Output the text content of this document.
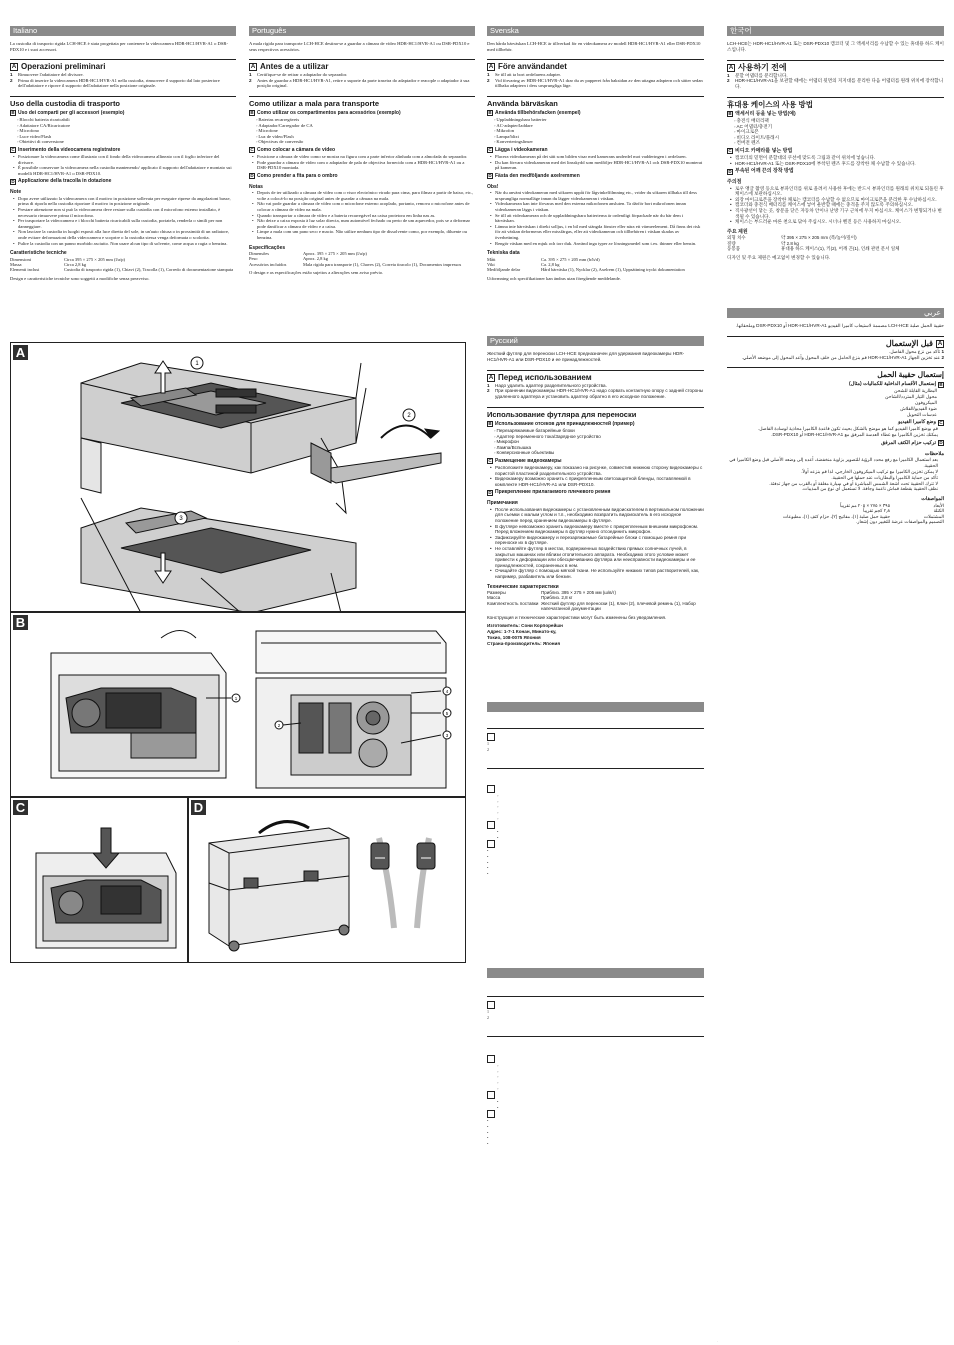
Italiano

La custodia di trasporto rigida LCH-HCE è stata progettata per contenere la videocamera HDR-HC1/HVR-A1 o DSR-PDX10 e i suoi accessori.

A Operazioni preliminari
1	Rimuovere l'adattatore del divisore.
2	Prima di inserire la videocamera HDR-HC1/HVR-A1 nella custodia, rimuovere il supporto dal lato posteriore dell'adattatore e riporre il supporto dell'adattatore nella posizione originale.
Uso della custodia di trasporto
B Uso dei comparti per gli accessori (esempio)
◦ Blocchi batteria ricaricabili
◦ Adattatore CA/Ricaricatore
◦ Microfono
◦ Luce video/Flash
◦ Obiettivi di conversione
C Inserimento della videocamera registratore
• Posizionare la videocamera come illustrato con il fondo della videocamera allineato con il foglio inferiore del divisore.
• È possibile conservare la videocamera nella custodia mantenendo/ applicato il supporto dell'adattatore e montato sui modelli HDR-HC1/HVR-A1 o DSR-PDX10.
D Applicazione della tracolla in dotazione
Note
• Dopo avere utilizzato la videocamera con il motivo in posizione sollevata per eseguire riprese da angolazioni basse, prima di riporla nella custodia riportare il motivo in posizione originale.
• Prestare attenzione non si può la videocamera deve restare sulla custodia con il microfono esterno installato, è necessario rimuovere prima il microfono.
• Per trasportare la videocamera e i blocchi batteria ricaricabili sulla custodia, portatela, renderla o simili per non danneggiare.
• Non lasciare la custodia in luoghi esposti alla luce diretta del sole, in un'auto chiusa o in prossimità di un radiatore, onde evitare deformazioni della videocamera e scoprire o la custodia stessa venga deformata o scolorita.
• Pulire la custodia con un panno morbido asciutto. Non usare alcun tipo di solvente, come acqua o ragia o benzina.
Caratteristiche tecniche
Dimensioni	Circa 395 × 275 × 205 mm (l/a/p)
Massa	Circa 2,8 kg
Elementi inclusi	Custodia di trasporto rigida (1), Chiavi (2), Tracolla (1), Corredo di documentazione stampata

Design e caratteristiche tecniche sono soggetti a modifiche senza preavviso.

Português

A mala rígida para transporte LCH-HCE destina-se a guardar a câmara de vídeo HDR-HC1/HVR-A1 ou DSR-PDX10 e seus respectivos acessórios.

A Antes de a utilizar
1	Certifique-se de retirar o adaptador do separador.
2	Antes de guardar a HDR-HC1/HVR-A1, retire o suporte da parte traseira do adaptador e reacople o adaptador à sua posição original.
Como utilizar a mala para transporte
B Como utilizar os compartimentos para acessórios (exemplo)
◦ Baterias recarregáveis
◦ Adaptador/Carregador de CA
◦ Microfone
◦ Luz de vídeo/Flash
◦ Objectivas de conversão
C Como colocar a câmara de vídeo
• Posicione a câmara de vídeo como se mostra na figura com a parte inferior alinhada com a almofada do separador.
• Pode guardar a câmara de vídeo com o adaptador de pala de objectiva fornecido com a HDR-HC1/HVR-A1 ou a DSR-PDX10 montada.
D Como prender a fita para o ombro
Notas
• Depois de ter utilizado a câmara de vídeo com o visor electrónico virado para cima, para filmar a partir de baixo, etc., volte a colocá-lo na posição original antes de guardar a câmara na mala.
• Não vai pode guardar a câmara de vídeo com o microfone externo acoplado, portanto, remova o microfone antes de colocar a câmara de vídeo na mala.
• Quando transportar a câmara de vídeo e a bateria recarregável na caixa protetora em linha nas as.
• Não deixe a caixa exposta à luz solar directa, num automóvel fechado ou perto de um aquecedor, pois se a deformar pode danificar a câmara de vídeo e a caixa.
• Limpe a mala com um pano seco e macio. Não utilize nenhum tipo de dissolvente como, por exemplo, diluente ou benzina.
Especificações
Dimensões	Aprox. 395 × 275 × 205 mm (l/a/p)
Peso	Aprox. 2,8 kg
Acessórios incluídos	Mala rígida para transporte (1), Chaves (2), Correia tiracolo (1), Documentos impressos

O design e as especificações estão sujeitos a alterações sem aviso prévio.

Svenska

Den hårda bärväskan LCH-HCE är tillverkad för en videokamera av modell HDR-HC1/HVR-A1 eller DSR-PDX10 med tillbehör.

A Före användandet
1	Se till att ta bort avdelarens adapter.
2	Vid förvaring av HDR-HC1/HVR-A1 drar du av papperet från baksidan av den uttagna adaptern och sätter sedan tillbaka adaptern i dess ursprungliga läge.
Använda bärväskan
B Använda tillbehörsfacken (exempel)
◦ Uppladdningsbara batterier
◦ AC-adapter/laddare
◦ Mikrofon
◦ Lampa/blixt
◦ Konverteringslinser
C Lägga i videokameran
• Placera videokameran på det sätt som bilden visar med kamerans underdel mot vadderingen i avdelaren.
• Du kan förvara videokameran med det linsskydd som medföljer HDR-HC1/HVR-A1 och DSR-PDX10 monterat på kameran.
D Fästa den medföljande axelremmen
Obs!
• När du använt videokameran med sökaren uppåt för lågvinkelfilmning etc., vrider du sökaren tillbaka till dess ursprungliga normalläge innan du lägger videokameran i väskan.
• Videokameran kan inte förvaras med den externa mikrofonen ansluten. Ta därför bort mikrofonen innan videokameran läggs i väskan.
• Se till att videokameran och de uppladdningsbara batterierna är ordentligt förpackade när du bär dem i bärväskan.
• Lämna inte bärväskan i direkt solljus, i en bil med stängda fönster eller nära ett värmeelement. Då finns det risk för att väskan deformeras eller missfärgas, eller att videokameran och tillbehören i väskan skadas av överhettning.
• Rengör väskan med en mjuk och torr duk. Använd inga typer av lösningsmedel som t.ex. thinner eller bensin.
Tekniska data
Mått	Ca. 395 × 275 × 205 mm (b/h/d)
Vikt	Ca. 2,8 kg
Medföljande delar	Hård bärväska (1), Nycklar (2), Axelrem (1), Uppsättning tryckt dokumentation

Utformning och specifikationer kan ändras utan föregående meddelande.

한국어

LCH-HCE는 HDR-HC1/HVR-A1 또는 DSR-PDX10 캠코더 및 그 액세서리를 수납할 수 있는 휴대용 하드 케이스입니다.

A 사용하기 전에
1	분할 어댑터를 분리합니다.
2	HDR-HC1/HVR-A1을 보관할 때에는 어댑터 뒷면의 지지대를 분리한 다음 어댑터를 원래 위치에 장착합니다.
휴대용 케이스의 사용 방법
B 액세서리 등을 넣는 방법(예)
◦ 충전식 배터리팩
◦ AC 어댑터/충전기
◦ 마이크로폰
◦ 비디오 라이트/플래시
◦ 컨버전 렌즈
C 비디오 카메라를 넣는 방법
• 캠코더의 밑면이 분할대의 쿠션에 맞도록 그림과 같이 위치에 넣습니다.
• HDR-HC1/HVR-A1 또는 DSR-PDX10에 부착된 렌즈 후드를 장착한 채 수납할 수 있습니다.
D 부속된 어깨 끈의 장착 방법
주의점
• 로우 앵글 촬영 등으로 뷰파인더를 위로 올려서 사용한 후에는 반드시 뷰파인더를 원래의 위치로 되돌린 후 케이스에 보관하십시오.
• 외장 마이크로폰을 장착한 채로는 캠코더를 수납할 수 없으므로 마이크로폰을 분리한 후 수납하십시오.
• 캠코더와 충전식 배터리를 케이스에 넣어 운반할 때에는 충격을 주지 않도록 주의하십시오.
• 직사광선이 닿는 곳, 창문을 닫은 자동차 안이나 난방 기구 근처에 두지 마십시오. 케이스가 변형되거나 변색될 수 있습니다.
• 케이스는 부드러운 마른 천으로 닦아 주십시오. 시너나 벤진 등은 사용하지 마십시오.
주요 제원
외형 치수	약 395 × 275 × 205 mm (폭/높이/깊이)
질량	약 2.8 kg
동봉품	휴대용 하드 케이스(1), 키(2), 어깨 끈(1), 인쇄 관련 문서 일체

디자인 및 주요 제원은 예고없이 변경할 수 있습니다.

عربي

حقيبة الحمل صلبة LCH-HCE مصممة لاستيعاب كاميرا الفيديو HDR-HC1/HVR-A1 أو DSR-PDX10 وملحقاتها.

A
قبل الإستعمال
1 تأكد من نزع محول الفاصل.
2 عند تخزين الجهاز HDR-HC1/HVR-A1 قم بنزع الحامل من خلف المحول وأعد المحول إلى موضعه الأصلي.
إستعمال حقيبة الحمل
B
إستعمال الأقسام الداخلية للكماليات (مثال)
البطارية القابلة للشحن
محول التيار المتردد/الشاحن
الميكروفون
ضوء الفيديو/الفلاش
عدسات التحويل
C
وضع كاميرا الفيديو
قم بوضع كاميرا الفيديو كما هو موضح بالشكل بحيث تكون قاعدة الكاميرا محاذية لوسادة الفاصل.
يمكنك تخزين الكاميرا مع غطاء العدسة المرفق مع HDR-HC1/HVR-A1 أو DSR-PDX10.
D
تركيب حزام الكتف المرفق
ملاحظات
بعد استعمال الكاميرا مع رفع محدد الرؤية للتصوير بزاوية منخفضة، أعده إلى وضعه الأصلي قبل وضع الكاميرا في الحقيبة.
لا يمكن تخزين الكاميرا مع تركيب الميكروفون الخارجي، لذا قم بنزعه أولاً.
تأكد من حماية الكاميرا والبطاريات عند حملها في الحقيبة.
لا تترك الحقيبة تحت أشعة الشمس المباشرة أو في سيارة مغلقة أو بالقرب من جهاز تدفئة.
نظف الحقيبة بقطعة قماش ناعمة وجافة. لا تستعمل أي نوع من المذيبات.
المواصفات
الأبعاد
٣٩٥ × ٢٧٥ × ٢٠٥ مم تقريباً
الكتلة
٢٫٨ كجم تقريباً
المشتملات
حقيبة حمل صلبة (١)، مفاتيح (٢)، حزام كتف (١)، مطبوعات

التصميم والمواصفات عرضة للتغيير دون إشعار.

Русский

Жесткий футляр для переноски LCH-HCE предназначен для удержания видеокамеры HDR-HC1/HVR-A1 или DSR-PDX10 и ее принадлежностей.

A Перед использованием
1	Надо удалить адаптер разделительного устройства.
2	При хранении видеокамеры HDR-HC1/HVR-A1 надо сорвать контактную опору с задней стороны удаленного адаптера и установить адаптер обратно в его исходное положение.
Использование футляра для переноски
B Использование отсеков для принадлежностей (пример)
◦ Перезаряжаемые батарейные блоки
◦ Адаптер переменного тока/Зарядное устройство
◦ Микрофон
◦ Лампа/Вспышка
◦ Конверсионные объективы
C Размещение видеокамеры
• Расположите видеокамеру, как показано на рисунке, совместив нижнюю сторону видеокамеры с пористой пластиной разделительного устройства.
• Видеокамеру возможно хранить с прикрепленным светозащитной бленды, поставляемой в комплекте HDR-HC1/HVR-A1 или DSR-PDX10.
D Прикрепление прилагаемого плечевого ремня
Примечания
• После использования видеокамеры с установленным видоискателем в вертикальном положении для съемки с малым углом и т.п., необходимо возвратить видоискатель в его исходное положение перед хранением видеокамеры в футляре.
• В футляре невозможно хранить видеокамеру вместе с прикрепленным внешним микрофоном. Перед вложением видеокамеры в футляр нужно отсоединить микрофон.
• Зафиксируйте видеокамеру и перезаряжаемые батарейные блоки с помощью ремня при переноске их в футляре.
• Не оставляйте футляр в местах, подверженных воздействию прямых солнечных лучей, в закрытых машинах или вблизи отопительного аппарата. Необходимо этого условие может привести к деформации или обесцвечиванию футляра или неисправности видеокамеры и ее принадлежностей, сохраненных в нем.
• Очищайте футляр с помощью мягкой ткани. Не используйте никаких типов растворителей, как, например, разбавитель или бензин.
Технические характеристики
Размеры	Приблиз. 395 × 275 × 205 мм (ш/в/г)
Масса	Приблиз. 2,8 кг
Комплектность поставки Жесткий футляр для переноски (1), Ключ (2), плечевой ремень (1), Набор напечатанной документации

Конструкция и технические характеристики могут быть изменены без уведомления.

Изготовитель: Сони Корпорейшн
Адрес: 1-7-1 Конан, Минато-ку,
Токио, 108-0075 Япония
Страна-производитель: Япония
1
2
◦
◦
◦
◦
◦
•
•
•
•
•
•
•
1
2
◦
◦
◦
◦
◦
•
•
•
•
•
•
•
A
1
2
3
B
1
4
5
2
3
C	D
·	·
